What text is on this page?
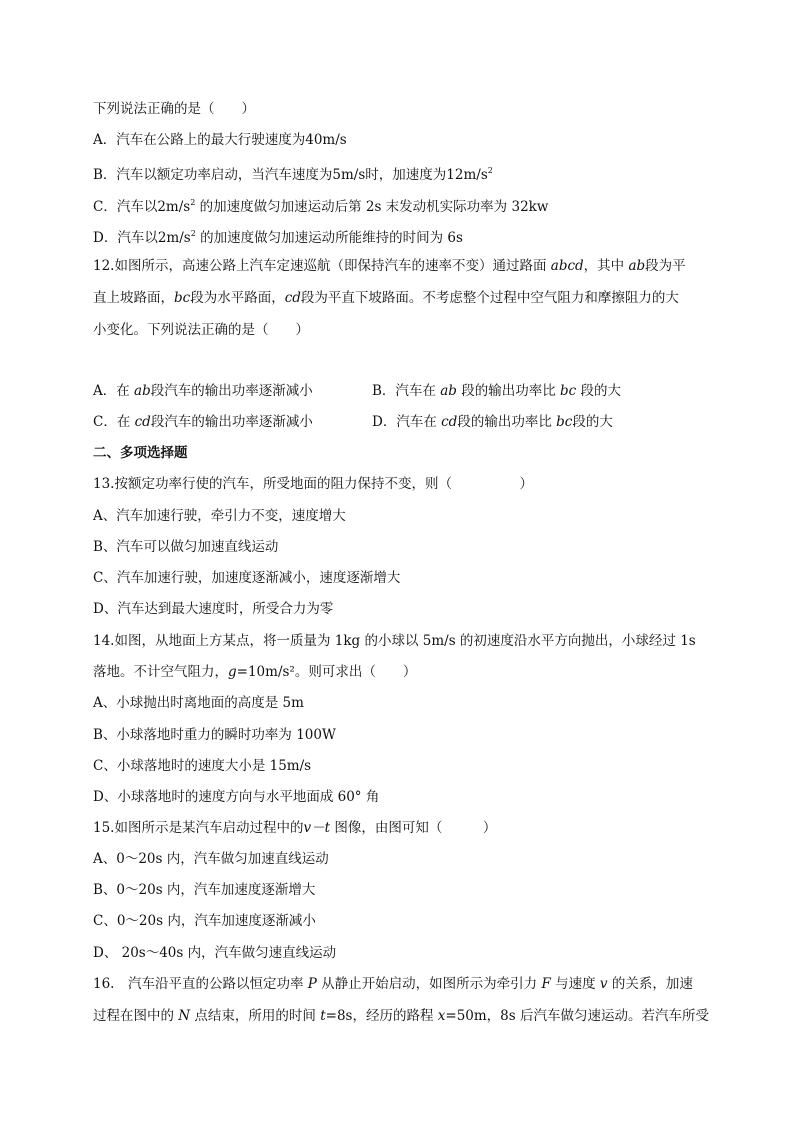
下列说法正确的是（　　）
A．汽车在公路上的最大行驶速度为40m/s
B．汽车以额定功率启动，当汽车速度为5m/s时，加速度为$12m/s^2$
C．汽车以$2m/s^2$ 的加速度做匀加速运动后第 2s 末发动机实际功率为 32kw
D．汽车以$2m/s^2$ 的加速度做匀加速运动所能维持的时间为 6s
12.如图所示，高速公路上汽车定速巡航（即保持汽车的速率不变）通过路面 abcd，其中 ab段为平
直上坡路面，bc段为水平路面，cd段为平直下坡路面。不考虑整个过程中空气阻力和摩擦阻力的大
小变化。下列说法正确的是（　　）
A．在 ab段汽车的输出功率逐渐减小	B．汽车在 ab 段的输出功率比 bc 段的大
C．在 cd段汽车的输出功率逐渐减小	D．汽车在 cd段的输出功率比 bc段的大
二、多项选择题
13.按额定功率行使的汽车，所受地面的阻力保持不变，则（　　　　　）
A、汽车加速行驶，牵引力不变，速度增大
B、汽车可以做匀加速直线运动
C、汽车加速行驶，加速度逐渐减小，速度逐渐增大
D、汽车达到最大速度时，所受合力为零
14.如图，从地面上方某点，将一质量为 1kg 的小球以 5m/s 的初速度沿水平方向抛出，小球经过 1s
落地。不计空气阻力，g=10m/s²。则可求出（　　）
A、小球抛出时离地面的高度是 5m
B、小球落地时重力的瞬时功率为 100W
C、小球落地时的速度大小是 15m/s
D、小球落地时的速度方向与水平地面成 60° 角
15.如图所示是某汽车启动过程中的v－t 图像，由图可知（　　　）
A、0～20s 内，汽车做匀加速直线运动
B、0～20s 内，汽车加速度逐渐增大
C、0～20s 内，汽车加速度逐渐减小
D、 20s～40s 内，汽车做匀速直线运动
16.　汽车沿平直的公路以恒定功率 P 从静止开始启动，如图所示为牵引力 F 与速度 v 的关系，加速
过程在图中的 N 点结束，所用的时间 t=8s，经历的路程 x=50m，8s 后汽车做匀速运动。若汽车所受
